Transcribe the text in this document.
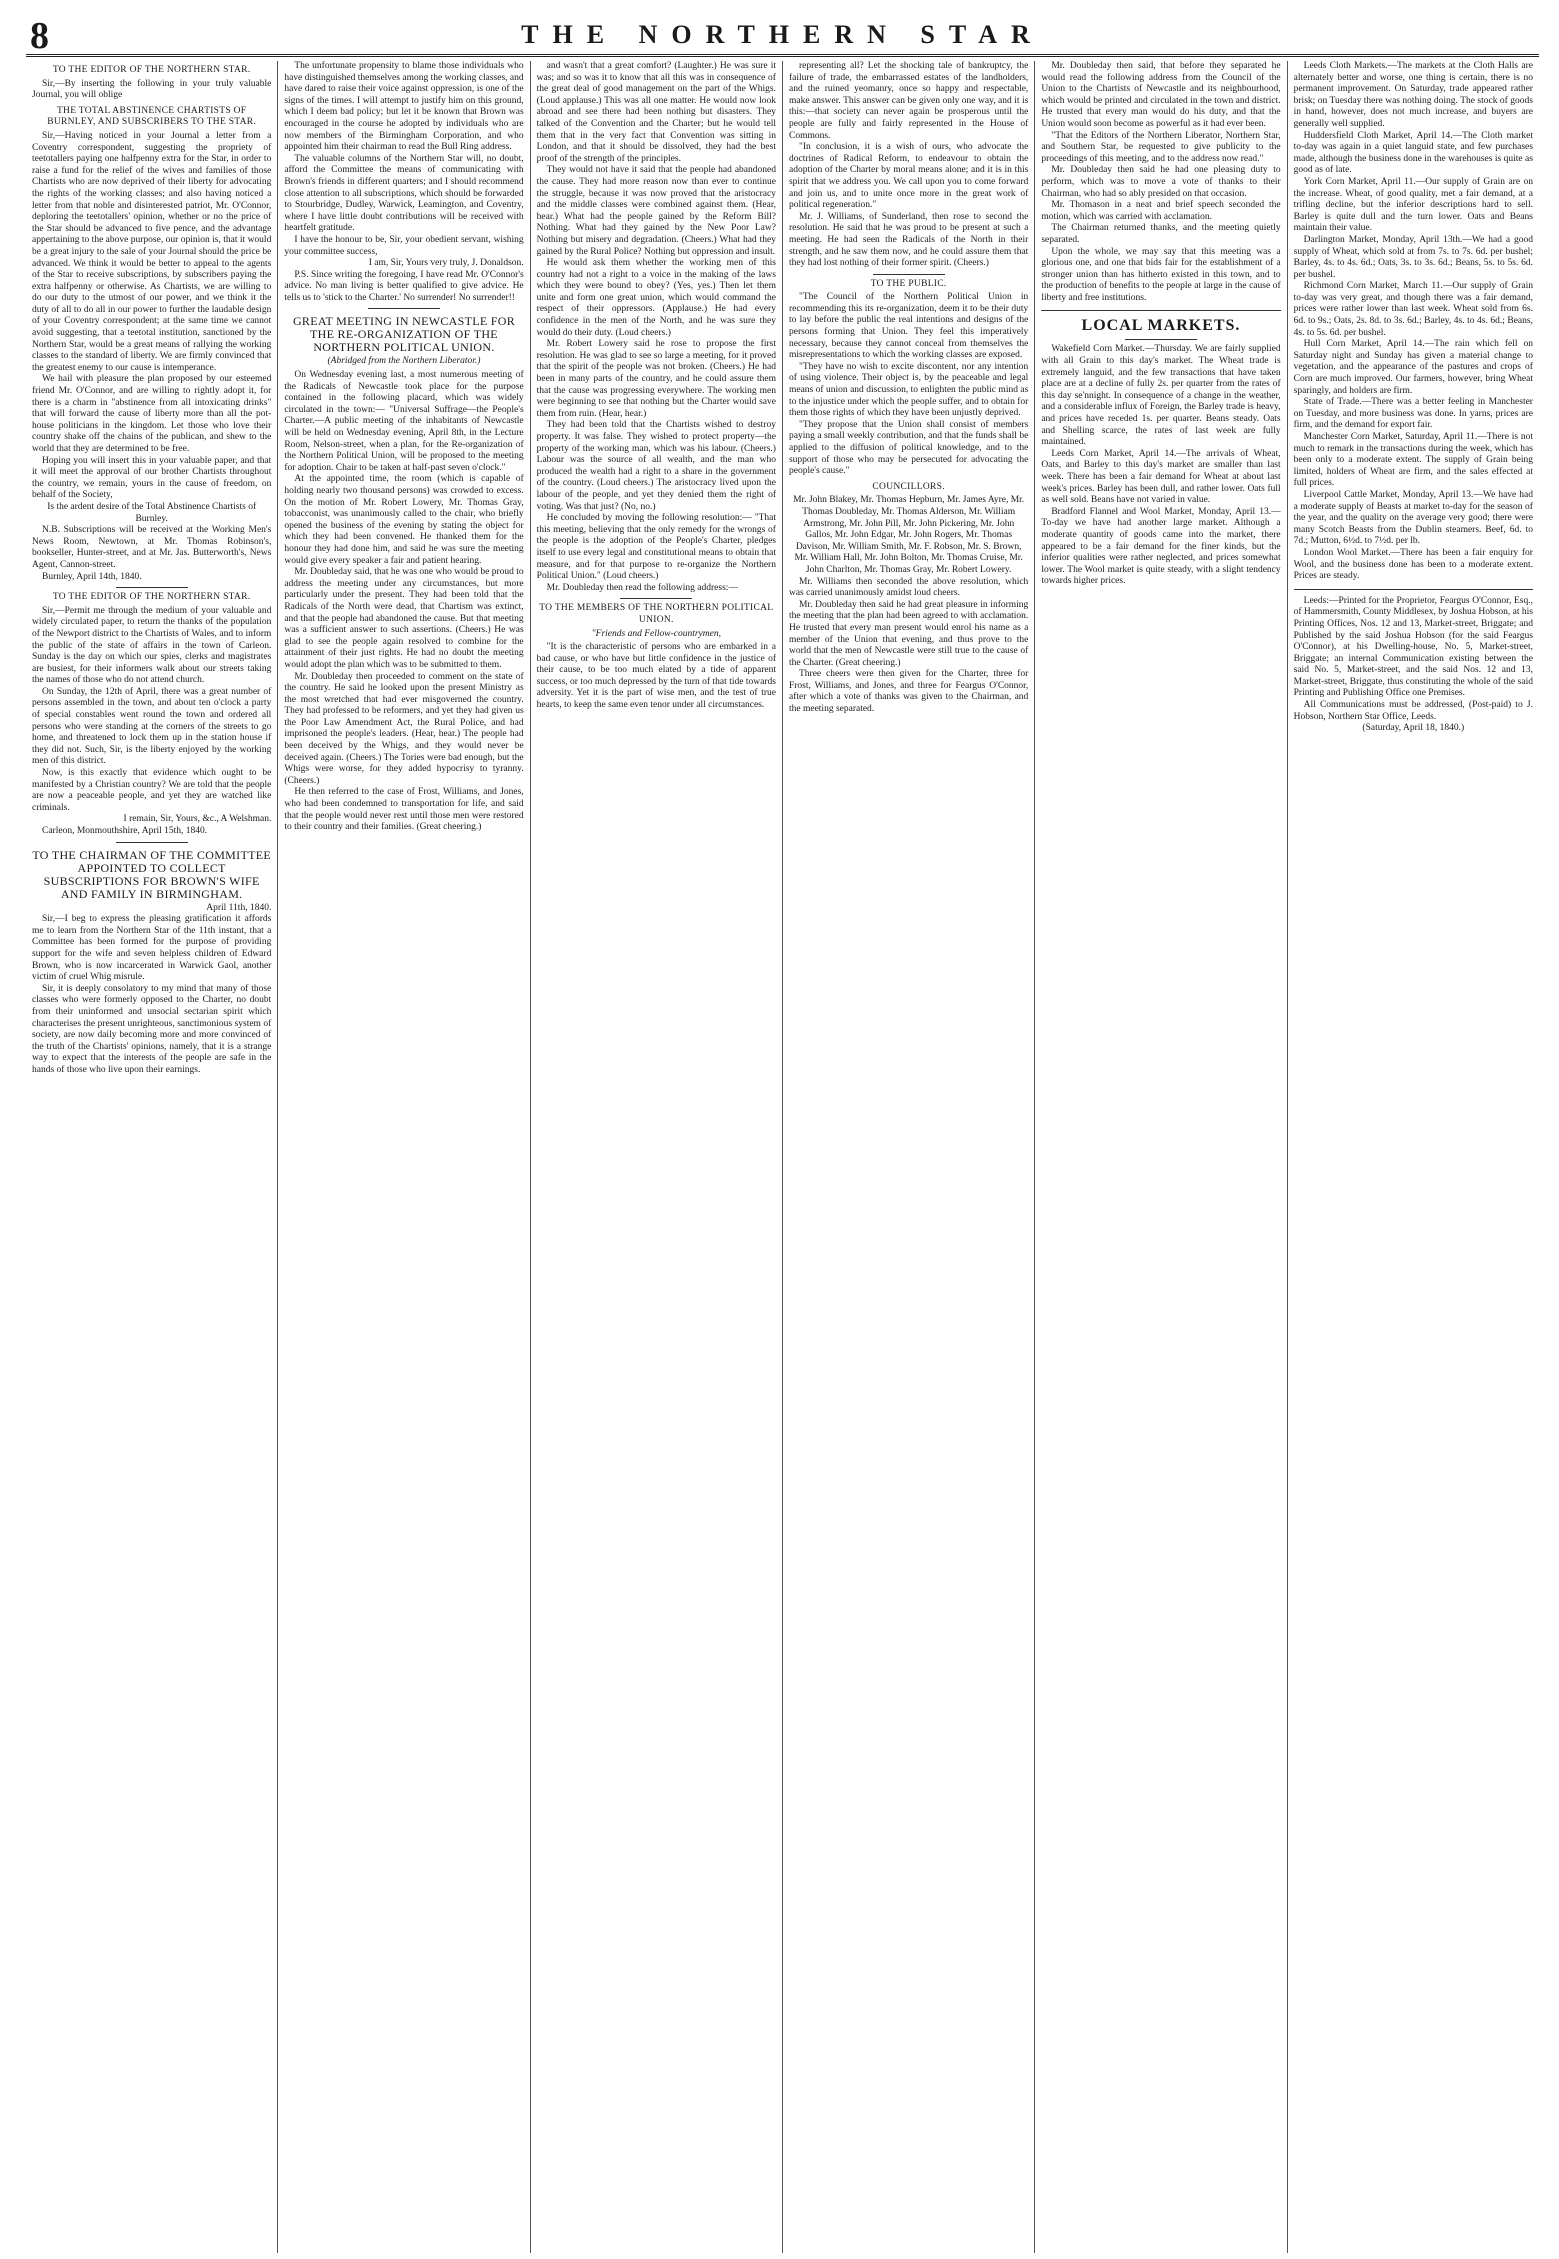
8	THE NORTHERN STAR
TO THE EDITOR OF THE NORTHERN STAR.

Sir,—By inserting the following in your truly valuable Journal, you will oblige

THE TOTAL ABSTINENCE CHARTISTS OF BURNLEY, AND SUBSCRIBERS TO THE STAR.

Sir,—Having noticed in your Journal a letter from a Coventry correspondent, suggesting the propriety of teetotallers paying one halfpenny extra for the Star, in order to raise a fund for the relief of the wives and families of those Chartists who are now deprived of their liberty for advocating the rights of the working classes; and also having noticed a letter from that noble and disinterested patriot, Mr. O'Connor, deploring the teetotallers' opinion, whether or no the price of the Star should be advanced to five pence, and the advantage appertaining to the above purpose, our opinion is, that it would be a great injury to the sale of your Journal should the price be advanced. We think it would be better to appeal to the agents of the Star to receive subscriptions, by subscribers paying the extra halfpenny or otherwise. As Chartists, we are willing to do our duty to the utmost of our power, and we think it the duty of all to do all in our power to further the laudable design of your Coventry correspondent; at the same time we cannot avoid suggesting, that a teetotal institution, sanctioned by the Northern Star, would be a great means of rallying the working classes to the standard of liberty. We are firmly convinced that the greatest enemy to our cause is intemperance.

We hail with pleasure the plan proposed by our esteemed friend Mr. O'Connor, and are willing to rightly adopt it, for there is a charm in "abstinence from all intoxicating drinks" that will forward the cause of liberty more than all the pot-house politicians in the kingdom. Let those who love their country shake off the chains of the publican, and shew to the world that they are determined to be free.

Hoping you will insert this in your valuable paper, and that it will meet the approval of our brother Chartists throughout the country, we remain, yours in the cause of freedom, on behalf of the Society,

Is the ardent desire of the Total Abstinence Chartists of Burnley.

N.B. Subscriptions will be received at the Working Men's News Room, Newtown, at Mr. Thomas Robinson's, bookseller, Hunter-street, and at Mr. Jas. Butterworth's, News Agent, Cannon-street.

Burnley, April 14th, 1840.

TO THE EDITOR OF THE NORTHERN STAR.

Sir,—Permit me through the medium of your valuable and widely circulated paper, to return the thanks of the population of the Newport district to the Chartists of Wales, and to inform the public of the state of affairs in the town of Carleon. Sunday is the day on which our spies, clerks and magistrates are busiest, for their informers walk about our streets taking the names of those who do not attend church.

On Sunday, the 12th of April, there was a great number of persons assembled in the town, and about ten o'clock a party of special constables went round the town and ordered all persons who were standing at the corners of the streets to go home, and threatened to lock them up in the station house if they did not. Such, Sir, is the liberty enjoyed by the working men of this district.

Now, is this exactly that evidence which ought to be manifested by a Christian country? We are told that the people are now a peaceable people, and yet they are watched like criminals.

I remain, Sir, Yours, &c., A Welshman.

Carleon, Monmouthshire, April 15th, 1840.

TO THE CHAIRMAN OF THE COMMITTEE APPOINTED TO COLLECT SUBSCRIPTIONS FOR BROWN'S WIFE AND FAMILY IN BIRMINGHAM.

April 11th, 1840.

Sir,—I beg to express the pleasing gratification it affords me to learn from the Northern Star of the 11th instant, that a Committee has been formed for the purpose of providing support for the wife and seven helpless children of Edward Brown, who is now incarcerated in Warwick Gaol, another victim of cruel Whig misrule.

Sir, it is deeply consolatory to my mind that many of those classes who were formerly opposed to the Charter, no doubt from their uninformed and unsocial sectarian spirit which characterises the present unrighteous, sanctimonious system of society, are now daily becoming more and more convinced of the truth of the Chartists' opinions, namely, that it is a strange way to expect that the interests of the people are safe in the hands of those who live upon their earnings.

The unfortunate propensity to blame those individuals who have distinguished themselves among the working classes, and have dared to raise their voice against oppression, is one of the signs of the times. I will attempt to justify him on this ground, which I deem bad policy; but let it be known that Brown was encouraged in the course he adopted by individuals who are now members of the Birmingham Corporation, and who appointed him their chairman to read the Bull Ring address.

The valuable columns of the Northern Star will, no doubt, afford the Committee the means of communicating with Brown's friends in different quarters; and I should recommend close attention to all subscriptions, which should be forwarded to Stourbridge, Dudley, Warwick, Leamington, and Coventry, where I have little doubt contributions will be received with heartfelt gratitude.

I have the honour to be, Sir, your obedient servant, wishing your committee success,

I am, Sir, Yours very truly, J. Donaldson.

P.S. Since writing the foregoing, I have read Mr. O'Connor's advice. No man living is better qualified to give advice. He tells us to 'stick to the Charter.' No surrender! No surrender!!

GREAT MEETING IN NEWCASTLE FOR THE RE-ORGANIZATION OF THE NORTHERN POLITICAL UNION.

(Abridged from the Northern Liberator.)

On Wednesday evening last, a most numerous meeting of the Radicals of Newcastle took place for the purpose contained in the following placard, which was widely circulated in the town:— "Universal Suffrage—the People's Charter.—A public meeting of the inhabitants of Newcastle will be held on Wednesday evening, April 8th, in the Lecture Room, Nelson-street, when a plan, for the Re-organization of the Northern Political Union, will be proposed to the meeting for adoption. Chair to be taken at half-past seven o'clock."

At the appointed time, the room (which is capable of holding nearly two thousand persons) was crowded to excess. On the motion of Mr. Robert Lowery, Mr. Thomas Gray, tobacconist, was unanimously called to the chair, who briefly opened the business of the evening by stating the object for which they had been convened. He thanked them for the honour they had done him, and said he was sure the meeting would give every speaker a fair and patient hearing.

Mr. Doubleday said, that he was one who would be proud to address the meeting under any circumstances, but more particularly under the present. They had been told that the Radicals of the North were dead, that Chartism was extinct, and that the people had abandoned the cause. But that meeting was a sufficient answer to such assertions. (Cheers.) He was glad to see the people again resolved to combine for the attainment of their just rights. He had no doubt the meeting would adopt the plan which was to be submitted to them.

Mr. Doubleday then proceeded to comment on the state of the country. He said he looked upon the present Ministry as the most wretched that had ever misgoverned the country. They had professed to be reformers, and yet they had given us the Poor Law Amendment Act, the Rural Police, and had imprisoned the people's leaders. (Hear, hear.) The people had been deceived by the Whigs, and they would never be deceived again. (Cheers.) The Tories were bad enough, but the Whigs were worse, for they added hypocrisy to tyranny. (Cheers.)

He then referred to the case of Frost, Williams, and Jones, who had been condemned to transportation for life, and said that the people would never rest until those men were restored to their country and their families. (Great cheering.)

and wasn't that a great comfort? (Laughter.) He was sure it was; and so was it to know that all this was in consequence of the great deal of good management on the part of the Whigs. (Loud applause.) This was all one matter. He would now look abroad and see there had been nothing but disasters. They talked of the Convention and the Charter; but he would tell them that in the very fact that Convention was sitting in London, and that it should be dissolved, they had the best proof of the strength of the principles.

They would not have it said that the people had abandoned the cause. They had more reason now than ever to continue the struggle, because it was now proved that the aristocracy and the middle classes were combined against them. (Hear, hear.) What had the people gained by the Reform Bill? Nothing. What had they gained by the New Poor Law? Nothing but misery and degradation. (Cheers.) What had they gained by the Rural Police? Nothing but oppression and insult.

He would ask them whether the working men of this country had not a right to a voice in the making of the laws which they were bound to obey? (Yes, yes.) Then let them unite and form one great union, which would command the respect of their oppressors. (Applause.) He had every confidence in the men of the North, and he was sure they would do their duty. (Loud cheers.)

Mr. Robert Lowery said he rose to propose the first resolution. He was glad to see so large a meeting, for it proved that the spirit of the people was not broken. (Cheers.) He had been in many parts of the country, and he could assure them that the cause was progressing everywhere. The working men were beginning to see that nothing but the Charter would save them from ruin. (Hear, hear.)

They had been told that the Chartists wished to destroy property. It was false. They wished to protect property—the property of the working man, which was his labour. (Cheers.) Labour was the source of all wealth, and the man who produced the wealth had a right to a share in the government of the country. (Loud cheers.) The aristocracy lived upon the labour of the people, and yet they denied them the right of voting. Was that just? (No, no.)

He concluded by moving the following resolution:— "That this meeting, believing that the only remedy for the wrongs of the people is the adoption of the People's Charter, pledges itself to use every legal and constitutional means to obtain that measure, and for that purpose to re-organize the Northern Political Union." (Loud cheers.)

Mr. Doubleday then read the following address:—

TO THE MEMBERS OF THE NORTHERN POLITICAL UNION.

"Friends and Fellow-countrymen,

"It is the characteristic of persons who are embarked in a bad cause, or who have but little confidence in the justice of their cause, to be too much elated by a tide of apparent success, or too much depressed by the turn of that tide towards adversity. Yet it is the part of wise men, and the test of true hearts, to keep the same even tenor under all circumstances.

representing all? Let the shocking tale of bankruptcy, the failure of trade, the embarrassed estates of the landholders, and the ruined yeomanry, once so happy and respectable, make answer. This answer can be given only one way, and it is this:—that society can never again be prosperous until the people are fully and fairly represented in the House of Commons.

"In conclusion, it is a wish of ours, who advocate the doctrines of Radical Reform, to endeavour to obtain the adoption of the Charter by moral means alone; and it is in this spirit that we address you. We call upon you to come forward and join us, and to unite once more in the great work of political regeneration."

Mr. J. Williams, of Sunderland, then rose to second the resolution. He said that he was proud to be present at such a meeting. He had seen the Radicals of the North in their strength, and he saw them now, and he could assure them that they had lost nothing of their former spirit. (Cheers.)

TO THE PUBLIC.

"The Council of the Northern Political Union in recommending this its re-organization, deem it to be their duty to lay before the public the real intentions and designs of the persons forming that Union. They feel this imperatively necessary, because they cannot conceal from themselves the misrepresentations to which the working classes are exposed.

"They have no wish to excite discontent, nor any intention of using violence. Their object is, by the peaceable and legal means of union and discussion, to enlighten the public mind as to the injustice under which the people suffer, and to obtain for them those rights of which they have been unjustly deprived.

"They propose that the Union shall consist of members paying a small weekly contribution, and that the funds shall be applied to the diffusion of political knowledge, and to the support of those who may be persecuted for advocating the people's cause."

COUNCILLORS.

Mr. John Blakey, Mr. Thomas Hepburn, Mr. James Ayre, Mr. Thomas Doubleday, Mr. Thomas Alderson, Mr. William Armstrong, Mr. John Pill, Mr. John Pickering, Mr. John Gallos, Mr. John Edgar, Mr. John Rogers, Mr. Thomas Davison, Mr. William Smith, Mr. F. Robson, Mr. S. Brown, Mr. William Hall, Mr. John Bolton, Mr. Thomas Cruise, Mr. John Charlton, Mr. Thomas Gray, Mr. Robert Lowery.

Mr. Williams then seconded the above resolution, which was carried unanimously amidst loud cheers.

Mr. Doubleday then said he had great pleasure in informing the meeting that the plan had been agreed to with acclamation. He trusted that every man present would enrol his name as a member of the Union that evening, and thus prove to the world that the men of Newcastle were still true to the cause of the Charter. (Great cheering.)

Three cheers were then given for the Charter, three for Frost, Williams, and Jones, and three for Feargus O'Connor, after which a vote of thanks was given to the Chairman, and the meeting separated.

Mr. Doubleday then said, that before they separated he would read the following address from the Council of the Union to the Chartists of Newcastle and its neighbourhood, which would be printed and circulated in the town and district. He trusted that every man would do his duty, and that the Union would soon become as powerful as it had ever been.

"That the Editors of the Northern Liberator, Northern Star, and Southern Star, be requested to give publicity to the proceedings of this meeting, and to the address now read."

Mr. Doubleday then said he had one pleasing duty to perform, which was to move a vote of thanks to their Chairman, who had so ably presided on that occasion.

Mr. Thomason in a neat and brief speech seconded the motion, which was carried with acclamation.

The Chairman returned thanks, and the meeting quietly separated.

Upon the whole, we may say that this meeting was a glorious one, and one that bids fair for the establishment of a stronger union than has hitherto existed in this town, and to the production of benefits to the people at large in the cause of liberty and free institutions.

LOCAL MARKETS.

Wakefield Corn Market.—Thursday. We are fairly supplied with all Grain to this day's market. The Wheat trade is extremely languid, and the few transactions that have taken place are at a decline of fully 2s. per quarter from the rates of this day se'nnight. In consequence of a change in the weather, and a considerable influx of Foreign, the Barley trade is heavy, and prices have receded 1s. per quarter. Beans steady. Oats and Shelling scarce, the rates of last week are fully maintained.

Leeds Corn Market, April 14.—The arrivals of Wheat, Oats, and Barley to this day's market are smaller than last week. There has been a fair demand for Wheat at about last week's prices. Barley has been dull, and rather lower. Oats full as well sold. Beans have not varied in value.

Bradford Flannel and Wool Market, Monday, April 13.—To-day we have had another large market. Although a moderate quantity of goods came into the market, there appeared to be a fair demand for the finer kinds, but the inferior qualities were rather neglected, and prices somewhat lower. The Wool market is quite steady, with a slight tendency towards higher prices.

Leeds Cloth Markets.—The markets at the Cloth Halls are alternately better and worse, one thing is certain, there is no permanent improvement. On Saturday, trade appeared rather brisk; on Tuesday there was nothing doing. The stock of goods in hand, however, does not much increase, and buyers are generally well supplied.

Huddersfield Cloth Market, April 14.—The Cloth market to-day was again in a quiet languid state, and few purchases made, although the business done in the warehouses is quite as good as of late.

York Corn Market, April 11.—Our supply of Grain are on the increase. Wheat, of good quality, met a fair demand, at a trifling decline, but the inferior descriptions hard to sell. Barley is quite dull and the turn lower. Oats and Beans maintain their value.

Darlington Market, Monday, April 13th.—We had a good supply of Wheat, which sold at from 7s. to 7s. 6d. per bushel; Barley, 4s. to 4s. 6d.; Oats, 3s. to 3s. 6d.; Beans, 5s. to 5s. 6d. per bushel.

Richmond Corn Market, March 11.—Our supply of Grain to-day was very great, and though there was a fair demand, prices were rather lower than last week. Wheat sold from 6s. 6d. to 9s.; Oats, 2s. 8d. to 3s. 6d.; Barley, 4s. to 4s. 6d.; Beans, 4s. to 5s. 6d. per bushel.

Hull Corn Market, April 14.—The rain which fell on Saturday night and Sunday has given a material change to vegetation, and the appearance of the pastures and crops of Corn are much improved. Our farmers, however, bring Wheat sparingly, and holders are firm.

State of Trade.—There was a better feeling in Manchester on Tuesday, and more business was done. In yarns, prices are firm, and the demand for export fair.

Manchester Corn Market, Saturday, April 11.—There is not much to remark in the transactions during the week, which has been only to a moderate extent. The supply of Grain being limited, holders of Wheat are firm, and the sales effected at full prices.

Liverpool Cattle Market, Monday, April 13.—We have had a moderate supply of Beasts at market to-day for the season of the year, and the quality on the average very good; there were many Scotch Beasts from the Dublin steamers. Beef, 6d. to 7d.; Mutton, 6½d. to 7½d. per lb.

London Wool Market.—There has been a fair enquiry for Wool, and the business done has been to a moderate extent. Prices are steady.

Leeds:—Printed for the Proprietor, Feargus O'Connor, Esq., of Hammersmith, County Middlesex, by Joshua Hobson, at his Printing Offices, Nos. 12 and 13, Market-street, Briggate; and Published by the said Joshua Hobson (for the said Feargus O'Connor), at his Dwelling-house, No. 5, Market-street, Briggate; an internal Communication existing between the said No. 5, Market-street, and the said Nos. 12 and 13, Market-street, Briggate, thus constituting the whole of the said Printing and Publishing Office one Premises.

All Communications must be addressed, (Post-paid) to J. Hobson, Northern Star Office, Leeds.

(Saturday, April 18, 1840.)
